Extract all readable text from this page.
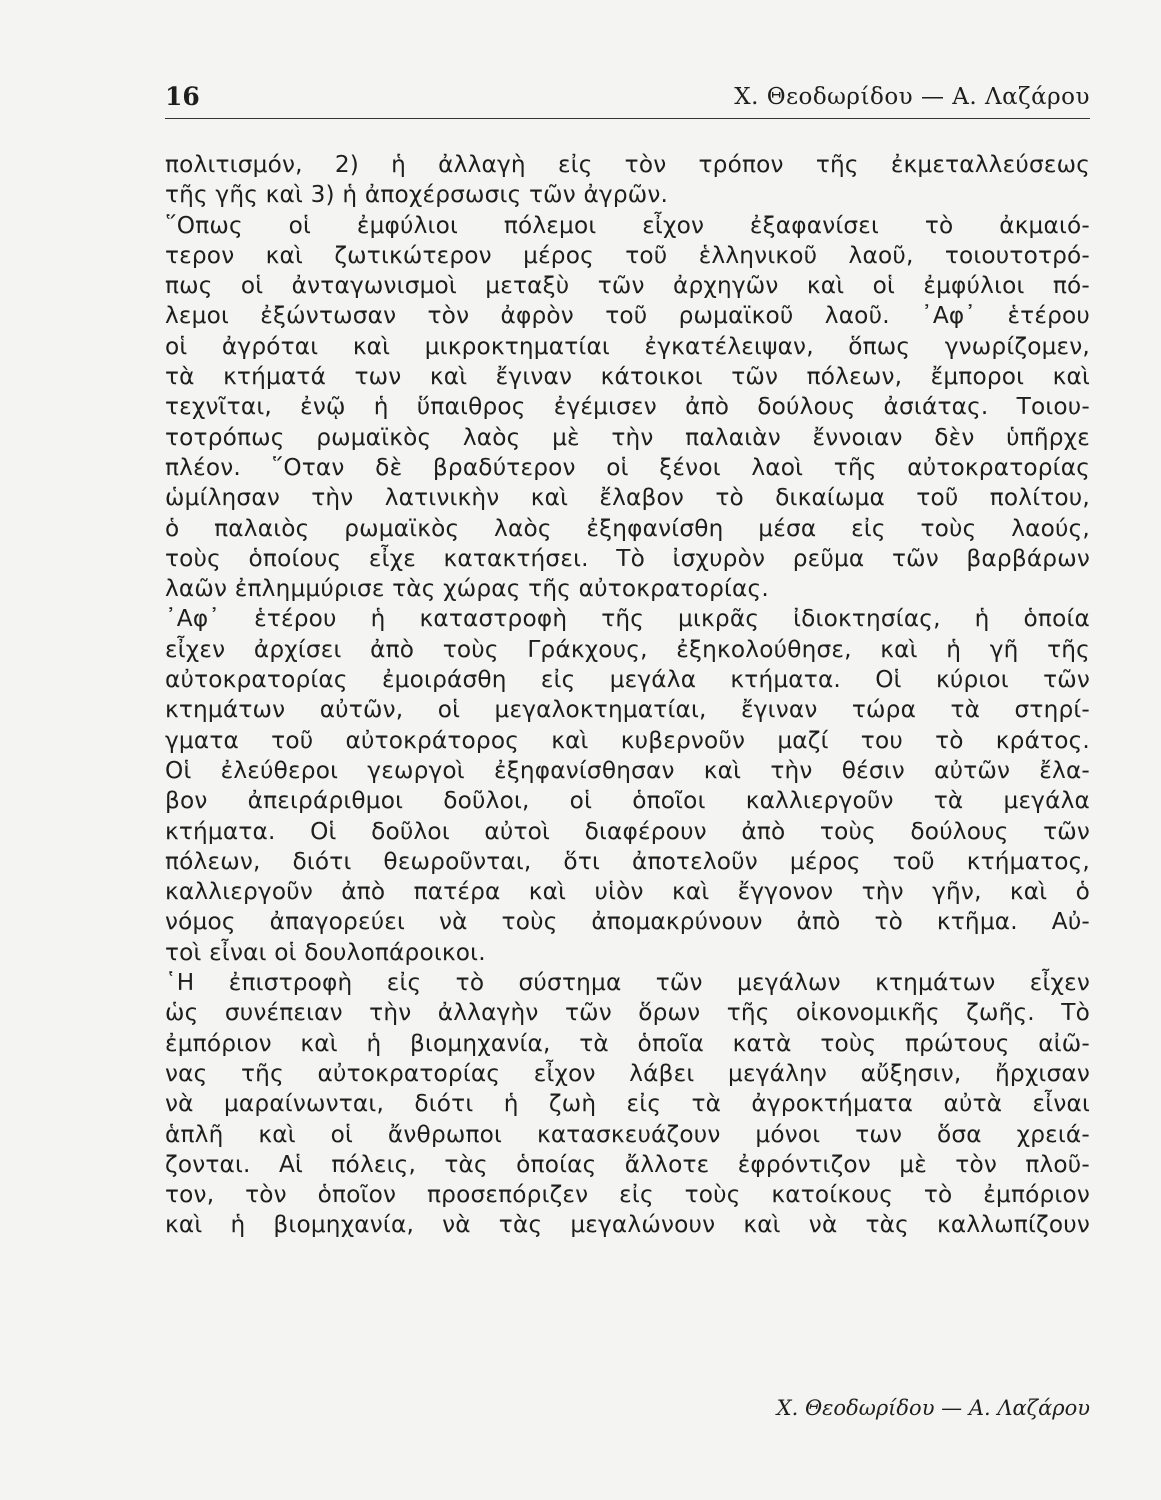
16	Χ. Θεοδωρίδου — Α. Λαζάρου
πολιτισμόν, 2) ἡ ἀλλαγὴ εἰς τὸν τρόπον τῆς ἐκμεταλλεύσεως
τῆς γῆς καὶ 3) ἡ ἀποχέρσωσις τῶν ἀγρῶν.
῞Οπως οἱ ἐμφύλιοι πόλεμοι εἶχον ἐξαφανίσει τὸ ἀκμαιό-
τερον καὶ ζωτικώτερον μέρος τοῦ ἑλληνικοῦ λαοῦ, τοιουτοτρό-
πως οἱ ἀνταγωνισμοὶ μεταξὺ τῶν ἀρχηγῶν καὶ οἱ ἐμφύλιοι πό-
λεμοι ἐξώντωσαν τὸν ἀφρὸν τοῦ ρωμαϊκοῦ λαοῦ. ᾿Αφ᾿ ἑτέρου
οἱ ἀγρόται καὶ μικροκτηματίαι ἐγκατέλειψαν, ὅπως γνωρίζομεν,
τὰ κτήματά των καὶ ἔγιναν κάτοικοι τῶν πόλεων, ἔμποροι καὶ
τεχνῖται, ἐνῷ ἡ ὕπαιθρος ἐγέμισεν ἀπὸ δούλους ἀσιάτας. Τοιου-
τοτρόπως ρωμαϊκὸς λαὸς μὲ τὴν παλαιὰν ἔννοιαν δὲν ὑπῆρχε
πλέον. ῞Οταν δὲ βραδύτερον οἱ ξένοι λαοὶ τῆς αὐτοκρατορίας
ὡμίλησαν τὴν λατινικὴν καὶ ἔλαβον τὸ δικαίωμα τοῦ πολίτου,
ὁ παλαιὸς ρωμαϊκὸς λαὸς ἐξηφανίσθη μέσα εἰς τοὺς λαούς,
τοὺς ὁποίους εἶχε κατακτήσει. Τὸ ἰσχυρὸν ρεῦμα τῶν βαρβάρων
λαῶν ἐπλημμύρισε τὰς χώρας τῆς αὐτοκρατορίας.
᾿Αφ᾿ ἑτέρου ἡ καταστροφὴ τῆς μικρᾶς ἰδιοκτησίας, ἡ ὁποία
εἶχεν ἀρχίσει ἀπὸ τοὺς Γράκχους, ἐξηκολούθησε, καὶ ἡ γῆ τῆς
αὐτοκρατορίας ἐμοιράσθη εἰς μεγάλα κτήματα. Οἱ κύριοι τῶν
κτημάτων αὐτῶν, οἱ μεγαλοκτηματίαι, ἔγιναν τώρα τὰ στηρί-
γματα τοῦ αὐτοκράτορος καὶ κυβερνοῦν μαζί του τὸ κράτος.
Οἱ ἐλεύθεροι γεωργοὶ ἐξηφανίσθησαν καὶ τὴν θέσιν αὐτῶν ἔλα-
βον ἀπειράριθμοι δοῦλοι, οἱ ὁποῖοι καλλιεργοῦν τὰ μεγάλα
κτήματα. Οἱ δοῦλοι αὐτοὶ διαφέρουν ἀπὸ τοὺς δούλους τῶν
πόλεων, διότι θεωροῦνται, ὅτι ἀποτελοῦν μέρος τοῦ κτήματος,
καλλιεργοῦν ἀπὸ πατέρα καὶ υἱὸν καὶ ἔγγονον τὴν γῆν, καὶ ὁ
νόμος ἀπαγορεύει νὰ τοὺς ἀπομακρύνουν ἀπὸ τὸ κτῆμα. Αὐ-
τοὶ εἶναι οἱ δουλοπάροικοι.
῾Η ἐπιστροφὴ εἰς τὸ σύστημα τῶν μεγάλων κτημάτων εἶχεν
ὡς συνέπειαν τὴν ἀλλαγὴν τῶν ὅρων τῆς οἰκονομικῆς ζωῆς. Τὸ
ἐμπόριον καὶ ἡ βιομηχανία, τὰ ὁποῖα κατὰ τοὺς πρώτους αἰῶ-
νας τῆς αὐτοκρατορίας εἶχον λάβει μεγάλην αὔξησιν, ἤρχισαν
νὰ μαραίνωνται, διότι ἡ ζωὴ εἰς τὰ ἀγροκτήματα αὐτὰ εἶναι
ἁπλῆ καὶ οἱ ἄνθρωποι κατασκευάζουν μόνοι των ὅσα χρειά-
ζονται. Αἱ πόλεις, τὰς ὁποίας ἄλλοτε ἐφρόντιζον μὲ τὸν πλοῦ-
τον, τὸν ὁποῖον προσεπόριζεν εἰς τοὺς κατοίκους τὸ ἐμπόριον
καὶ ἡ βιομηχανία, νὰ τὰς μεγαλώνουν καὶ νὰ τὰς καλλωπίζουν
Χ. Θεοδωρίδου — Α. Λαζάρου
